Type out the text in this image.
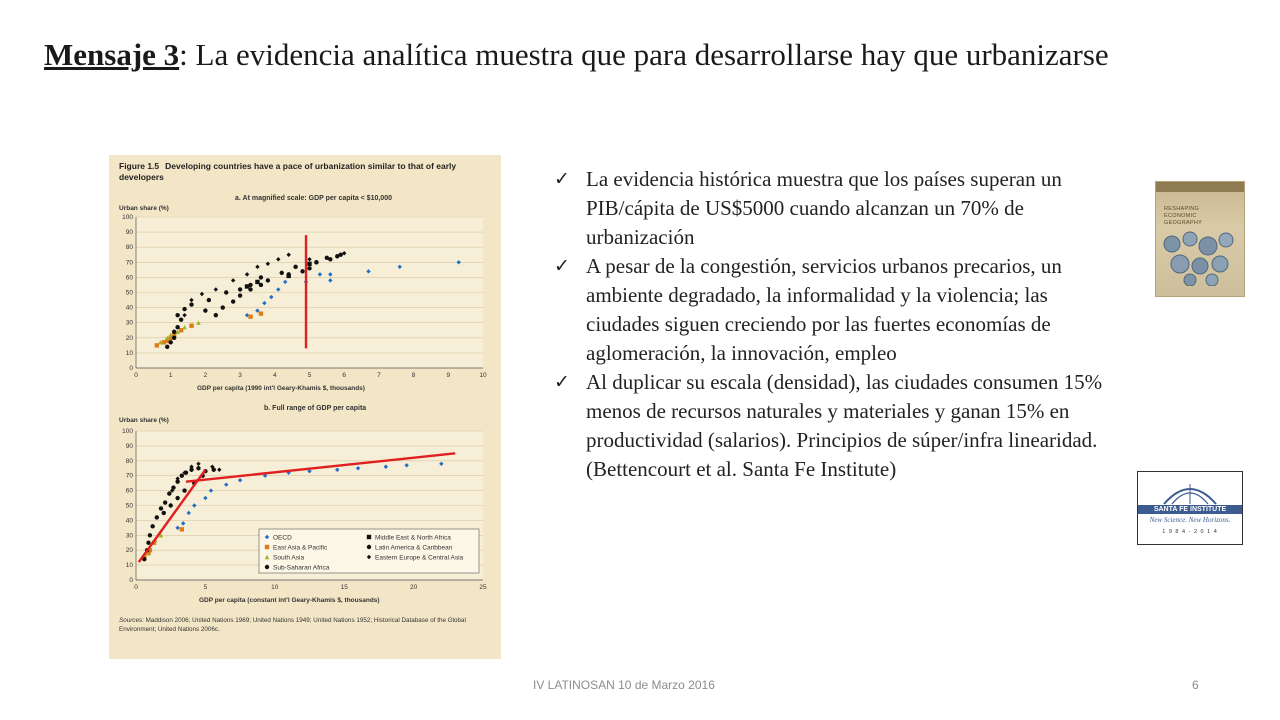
Mensaje 3: La evidencia analítica muestra que para desarrollarse hay que urbanizarse
Figure 1.5 Developing countries have a pace of urbanization similar to that of early developers
a. At magnified scale: GDP per capita < $10,000
Urban share (%)
GDP per capita (1990 int'l Geary-Khamis $, thousands)
b. Full range of GDP per capita
Urban share (%)
GDP per capita (constant int'l Geary-Khamis $, thousands)
0
10
20
30
40
50
60
70
80
90
100
0	1	2	3	4	5	6	7	8	9	10
0
10
20
30
40
50
60
70
80
90
100
0	5	10	15	20	25
OECD	Middle East & North Africa
East Asia & Pacific	Latin America & Caribbean
South Asia	Eastern Europe & Central Asia
Sub-Saharan Africa
Sources: Maddison 2006; United Nations 1969; United Nations 1949; United Nations 1952; Historical Database of the Global Environment; United Nations 2006c.
✓ La evidencia histórica muestra que los países superan un PIB/cápita de US$5000 cuando alcanzan un 70% de urbanización
✓ A pesar de la congestión, servicios urbanos precarios, un ambiente degradado, la informalidad y la violencia; las ciudades siguen creciendo por las fuertes economías de aglomeración, la innovación, empleo
✓ Al duplicar su escala (densidad), las ciudades consumen 15% menos de recursos naturales y materiales y ganan 15% en productividad (salarios). Principios de súper/infra linearidad. (Bettencourt et al. Santa Fe Institute)
RESHAPING
ECONOMIC
GEOGRAPHY
SANTA FE INSTITUTE
New Science. New Horizons.
1 9 8 4 - 2 0 1 4
IV LATINOSAN 10 de Marzo 2016	6
